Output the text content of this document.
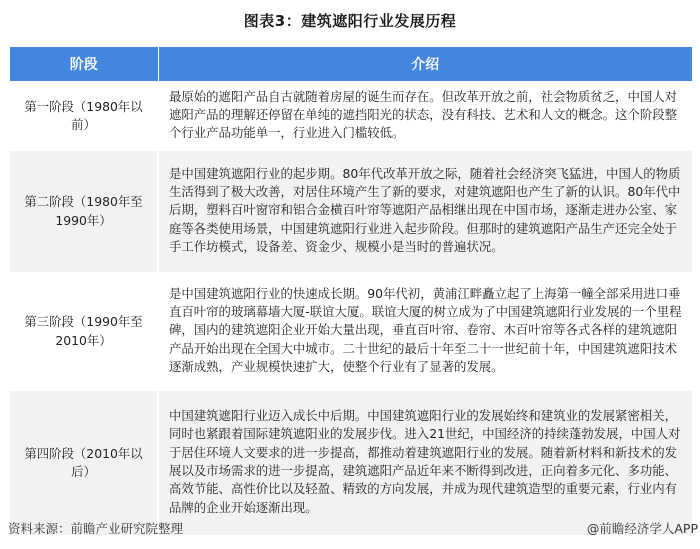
图表3：建筑遮阳行业发展历程
阶段	介绍
第一阶段（1980年以前）	最原始的遮阳产品自古就随着房屋的诞生而存在。但改革开放之前，社会物质贫乏，中国人对遮阳产品的理解还停留在单纯的遮挡阳光的状态，没有科技、艺术和人文的概念。这个阶段整个行业产品功能单一，行业进入门槛较低。
第二阶段（1980年至1990年）	是中国建筑遮阳行业的起步期。80年代改革开放之际，随着社会经济突飞猛进，中国人的物质生活得到了极大改善，对居住环境产生了新的要求，对建筑遮阳也产生了新的认识。80年代中后期，塑料百叶窗帘和铝合金横百叶帘等遮阳产品相继出现在中国市场，逐渐走进办公室、家庭等各类使用场景，中国建筑遮阳行业进入起步阶段。但那时的建筑遮阳产品生产还完全处于手工作坊模式，设备差、资金少、规模小是当时的普遍状况。
第三阶段（1990年至2010年）	是中国建筑遮阳行业的快速成长期。90年代初，黄浦江畔矗立起了上海第一幢全部采用进口垂直百叶帘的玻璃幕墙大厦-联谊大厦。联谊大厦的树立成为了中国建筑遮阳行业发展的一个里程碑，国内的建筑遮阳企业开始大量出现，垂直百叶帘、卷帘、木百叶帘等各式各样的建筑遮阳产品开始出现在全国大中城市。二十世纪的最后十年至二十一世纪前十年，中国建筑遮阳技术逐渐成熟，产业规模快速扩大，使整个行业有了显著的发展。
第四阶段（2010年以后）	中国建筑遮阳行业迈入成长中后期。中国建筑遮阳行业的发展始终和建筑业的发展紧密相关，同时也紧跟着国际建筑遮阳业的发展步伐。进入21世纪，中国经济的持续蓬勃发展，中国人对于居住环境人文要求的进一步提高，都推动着建筑遮阳行业的发展。随着新材料和新技术的发展以及市场需求的进一步提高，建筑遮阳产品近年来不断得到改进，正向着多元化、多功能、高效节能、高性价比以及轻盈、精致的方向发展，并成为现代建筑造型的重要元素，行业内有品牌的企业开始逐渐出现。
资料来源：前瞻产业研究院整理	@前瞻经济学人APP
